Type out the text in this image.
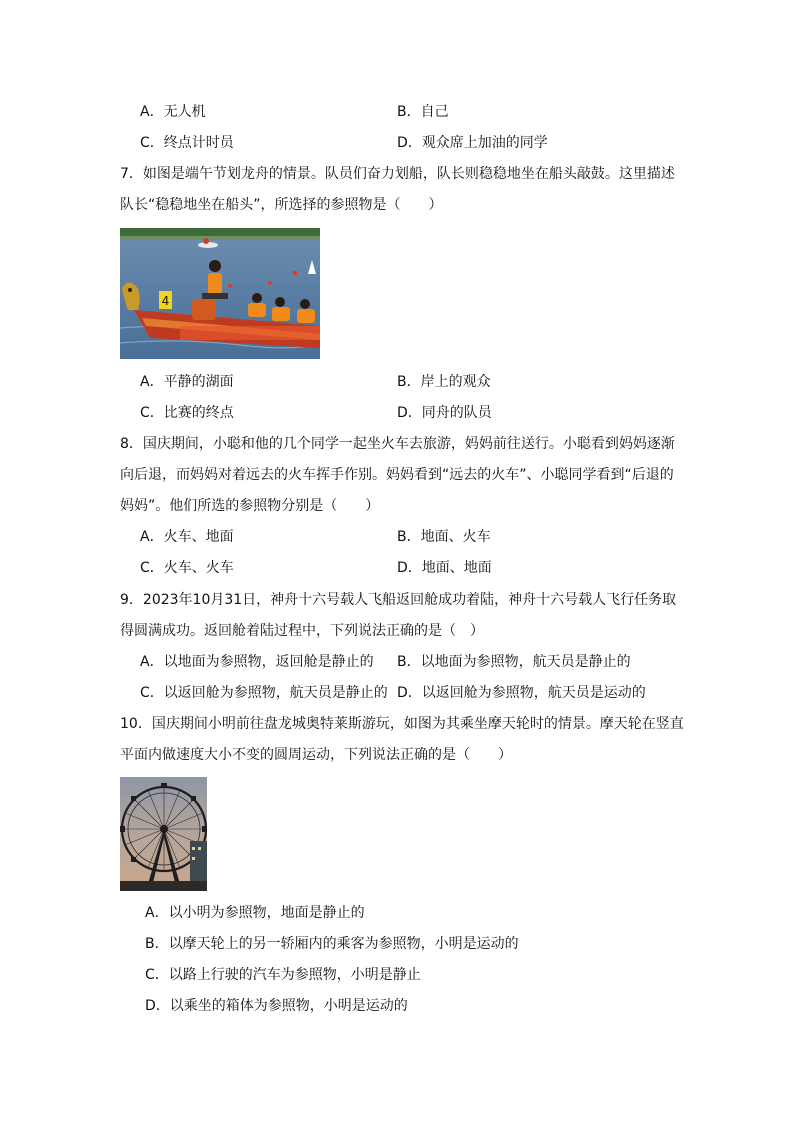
A．无人机	B．自己
C．终点计时员	D．观众席上加油的同学
7．如图是端午节划龙舟的情景。队员们奋力划船，队长则稳稳地坐在船头敲鼓。这里描述
队长“稳稳地坐在船头”，所选择的参照物是（　　）
4
A．平静的湖面	B．岸上的观众
C．比赛的终点	D．同舟的队员
8．国庆期间，小聪和他的几个同学一起坐火车去旅游，妈妈前往送行。小聪看到妈妈逐渐
向后退，而妈妈对着远去的火车挥手作别。妈妈看到“远去的火车”、小聪同学看到“后退的
妈妈”。他们所选的参照物分别是（　　）
A．火车、地面	B．地面、火车
C．火车、火车	D．地面、地面
9．2023年10月31日，神舟十六号载人飞船返回舱成功着陆，神舟十六号载人飞行任务取
得圆满成功。返回舱着陆过程中，下列说法正确的是（　）
A．以地面为参照物，返回舱是静止的 B．以地面为参照物，航天员是静止的
C．以返回舱为参照物，航天员是静止的 D．以返回舱为参照物，航天员是运动的
10．国庆期间小明前往盘龙城奥特莱斯游玩，如图为其乘坐摩天轮时的情景。摩天轮在竖直
平面内做速度大小不变的圆周运动，下列说法正确的是（　　）
A．以小明为参照物，地面是静止的
B．以摩天轮上的另一轿厢内的乘客为参照物，小明是运动的
C．以路上行驶的汽车为参照物，小明是静止
D．以乘坐的箱体为参照物，小明是运动的
